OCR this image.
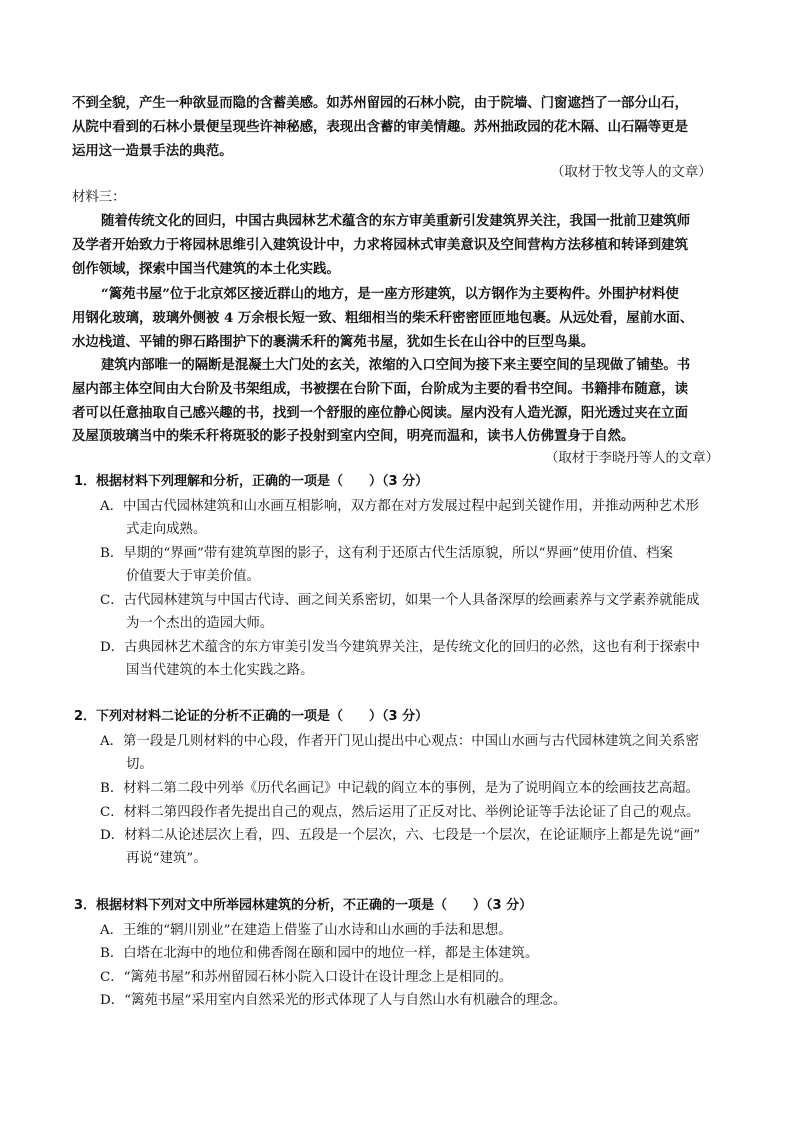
不到全貌，产生一种欲显而隐的含蓄美感。如苏州留园的石林小院，由于院墙、门窗遮挡了一部分山石，
从院中看到的石林小景便呈现些许神秘感，表现出含蓄的审美情趣。苏州拙政园的花木隔、山石隔等更是
运用这一造景手法的典范。
（取材于牧戈等人的文章）
材料三：
随着传统文化的回归，中国古典园林艺术蕴含的东方审美重新引发建筑界关注，我国一批前卫建筑师
及学者开始致力于将园林思维引入建筑设计中，力求将园林式审美意识及空间营构方法移植和转译到建筑
创作领域，探索中国当代建筑的本土化实践。
“篱苑书屋”位于北京郊区接近群山的地方，是一座方形建筑，以方钢作为主要构件。外围护材料使
用钢化玻璃，玻璃外侧被 4 万余根长短一致、粗细相当的柴禾秆密密匝匝地包裹。从远处看，屋前水面、
水边栈道、平铺的卵石路围护下的裹满禾秆的篱苑书屋，犹如生长在山谷中的巨型鸟巢。
建筑内部唯一的隔断是混凝土大门处的玄关，浓缩的入口空间为接下来主要空间的呈现做了铺垫。书
屋内部主体空间由大台阶及书架组成，书被摆在台阶下面，台阶成为主要的看书空间。书籍排布随意，读
者可以任意抽取自己感兴趣的书，找到一个舒服的座位静心阅读。屋内没有人造光源，阳光透过夹在立面
及屋顶玻璃当中的柴禾秆将斑驳的影子投射到室内空间，明亮而温和，读书人仿佛置身于自然。
（取材于李晓丹等人的文章）
1．根据材料下列理解和分析，正确的一项是（　　）（3 分）
A．中国古代园林建筑和山水画互相影响，双方都在对方发展过程中起到关键作用，并推动两种艺术形
式走向成熟。
B．早期的“界画”带有建筑草图的影子，这有利于还原古代生活原貌，所以“界画”使用价值、档案
价值要大于审美价值。
C．古代园林建筑与中国古代诗、画之间关系密切，如果一个人具备深厚的绘画素养与文学素养就能成
为一个杰出的造园大师。
D．古典园林艺术蕴含的东方审美引发当今建筑界关注，是传统文化的回归的必然，这也有利于探索中
国当代建筑的本土化实践之路。
2．下列对材料二论证的分析不正确的一项是（　　）（3 分）
A．第一段是几则材料的中心段，作者开门见山提出中心观点：中国山水画与古代园林建筑之间关系密
切。
B．材料二第二段中列举《历代名画记》中记载的阎立本的事例，是为了说明阎立本的绘画技艺高超。
C．材料二第四段作者先提出自己的观点，然后运用了正反对比、举例论证等手法论证了自己的观点。
D．材料二从论述层次上看，四、五段是一个层次，六、七段是一个层次，在论证顺序上都是先说“画”
再说“建筑”。
3．根据材料下列对文中所举园林建筑的分析，不正确的一项是（　　）（3 分）
A．王维的“辋川别业”在建造上借鉴了山水诗和山水画的手法和思想。
B．白塔在北海中的地位和佛香阁在颐和园中的地位一样，都是主体建筑。
C．“篱苑书屋”和苏州留园石林小院入口设计在设计理念上是相同的。
D．“篱苑书屋”采用室内自然采光的形式体现了人与自然山水有机融合的理念。
